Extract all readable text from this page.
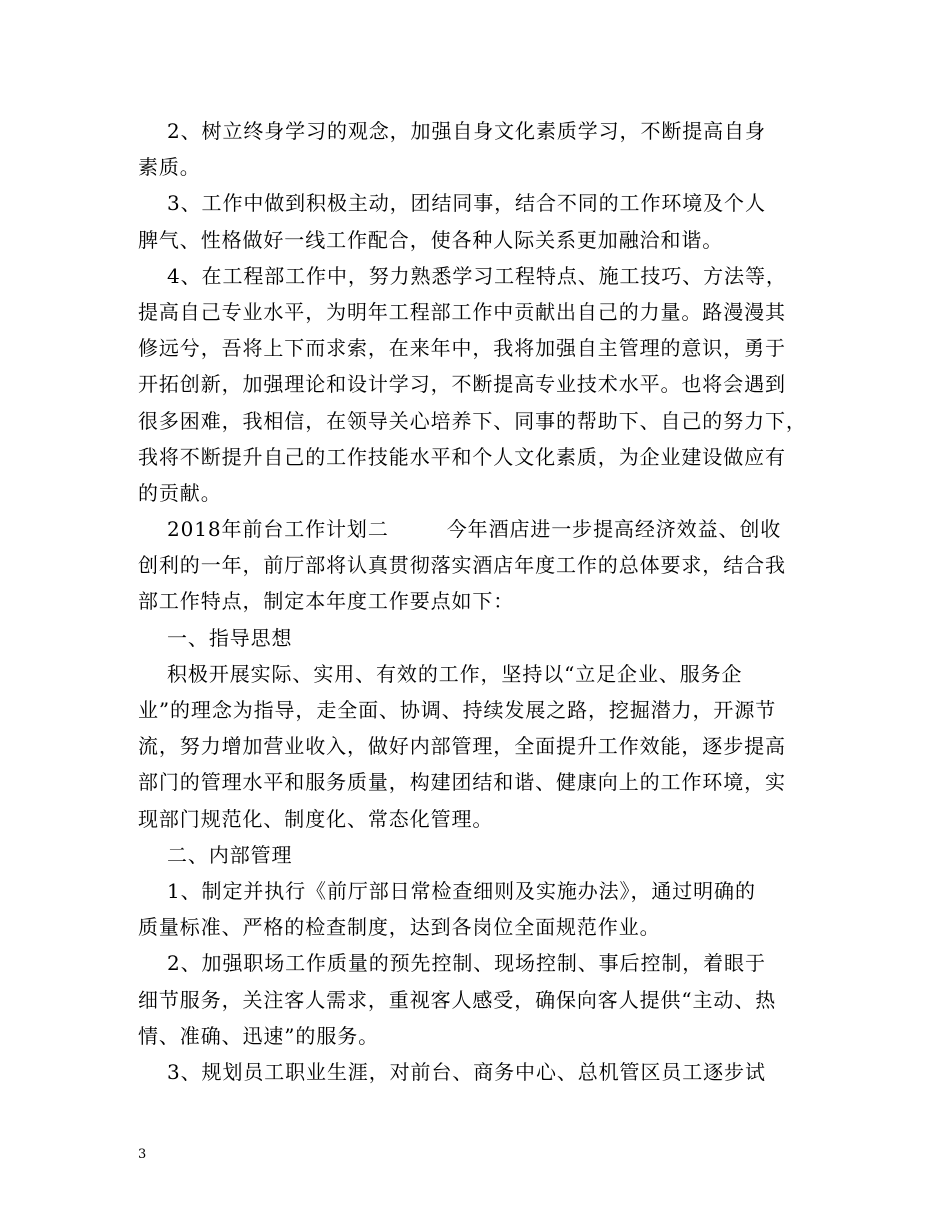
2、树立终身学习的观念，加强自身文化素质学习，不断提高自身
素质。
3、工作中做到积极主动，团结同事，结合不同的工作环境及个人
脾气、性格做好一线工作配合，使各种人际关系更加融洽和谐。
4、在工程部工作中，努力熟悉学习工程特点、施工技巧、方法等，
提高自己专业水平，为明年工程部工作中贡献出自己的力量。路漫漫其
修远兮，吾将上下而求索，在来年中，我将加强自主管理的意识，勇于
开拓创新，加强理论和设计学习，不断提高专业技术水平。也将会遇到
很多困难，我相信，在领导关心培养下、同事的帮助下、自己的努力下，
我将不断提升自己的工作技能水平和个人文化素质，为企业建设做应有
的贡献。
2018年前台工作计划二        今年酒店进一步提高经济效益、创收
创利的一年，前厅部将认真贯彻落实酒店年度工作的总体要求，结合我
部工作特点，制定本年度工作要点如下：
一、指导思想
积极开展实际、实用、有效的工作，坚持以“立足企业、服务企
业”的理念为指导，走全面、协调、持续发展之路，挖掘潜力，开源节
流，努力增加营业收入，做好内部管理，全面提升工作效能，逐步提高
部门的管理水平和服务质量，构建团结和谐、健康向上的工作环境，实
现部门规范化、制度化、常态化管理。
二、内部管理
1、制定并执行《前厅部日常检查细则及实施办法》，通过明确的
质量标准、严格的检查制度，达到各岗位全面规范作业。
2、加强职场工作质量的预先控制、现场控制、事后控制，着眼于
细节服务，关注客人需求，重视客人感受，确保向客人提供“主动、热
情、准确、迅速”的服务。
3、规划员工职业生涯，对前台、商务中心、总机管区员工逐步试
3
